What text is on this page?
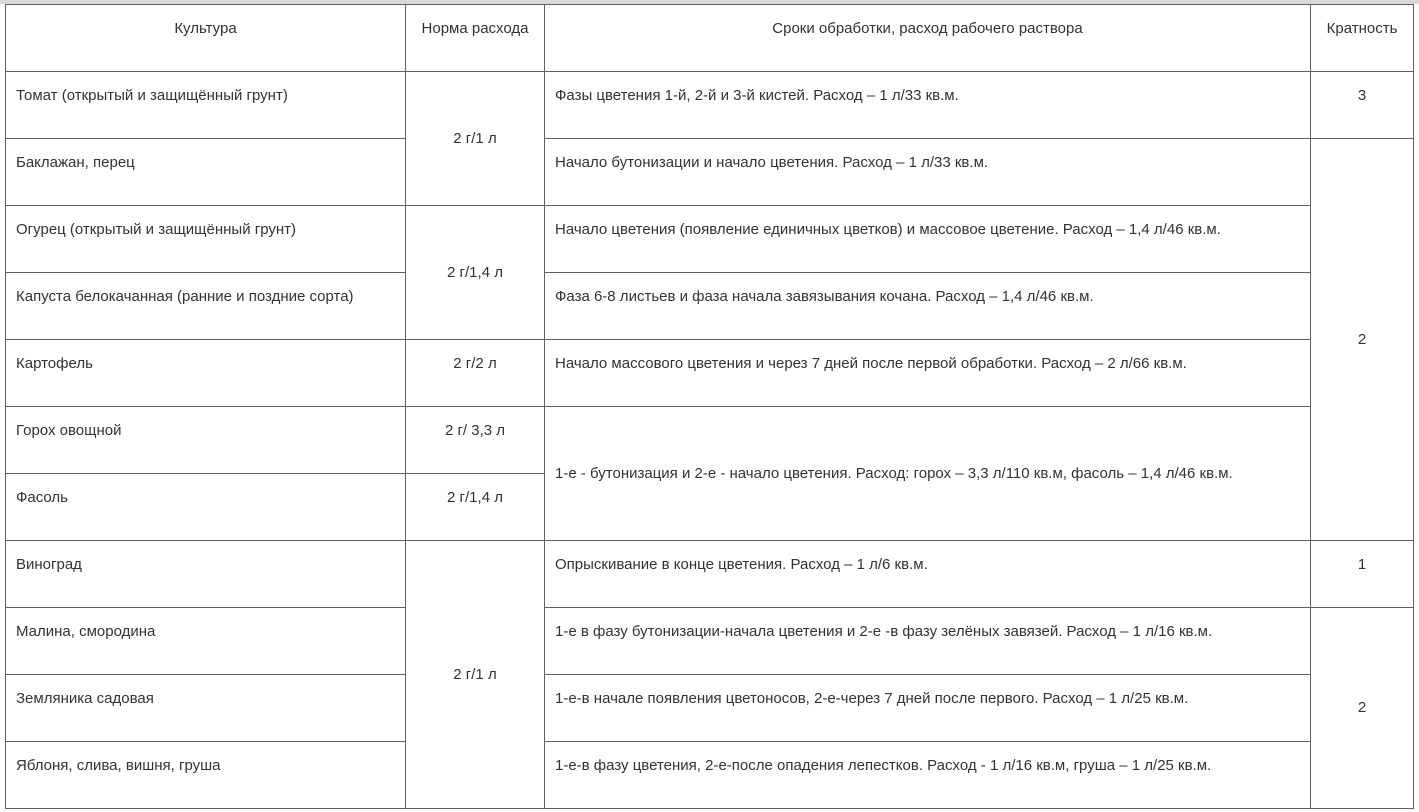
Культура	Норма расхода	Сроки обработки, расход рабочего раствора	Кратность
Томат (открытый и защищённый грунт)	2 г/1 л	Фазы цветения 1-й, 2-й и 3-й кистей. Расход – 1 л/33 кв.м.	3
Баклажан, перец		Начало бутонизации и начало цветения. Расход – 1 л/33 кв.м.	2
Огурец (открытый и защищённый грунт)	2 г/1,4 л	Начало цветения (появление единичных цветков) и массовое цветение. Расход – 1,4 л/46 кв.м.	
Капуста белокачанная (ранние и поздние сорта)		Фаза 6-8 листьев и фаза начала завязывания кочана. Расход – 1,4 л/46 кв.м.	
Картофель	2 г/2 л	Начало массового цветения и через 7 дней после первой обработки. Расход – 2 л/66 кв.м.	
Горох овощной	2 г/ 3,3 л	1-е - бутонизация и 2-е - начало цветения. Расход: горох – 3,3 л/110 кв.м, фасоль – 1,4 л/46 кв.м.	
Фасоль	2 г/1,4 л		
Виноград	2 г/1 л	Опрыскивание в конце цветения. Расход – 1 л/6 кв.м.	1
Малина, смородина		1-е в фазу бутонизации-начала цветения и 2-е -в фазу зелёных завязей. Расход – 1 л/16 кв.м.	2
Земляника садовая		1-е-в начале появления цветоносов, 2-е-через 7 дней после первого. Расход – 1 л/25 кв.м.	
Яблоня, слива, вишня, груша		1-е-в фазу цветения, 2-е-после опадения лепестков. Расход - 1 л/16 кв.м, груша – 1 л/25 кв.м.	
